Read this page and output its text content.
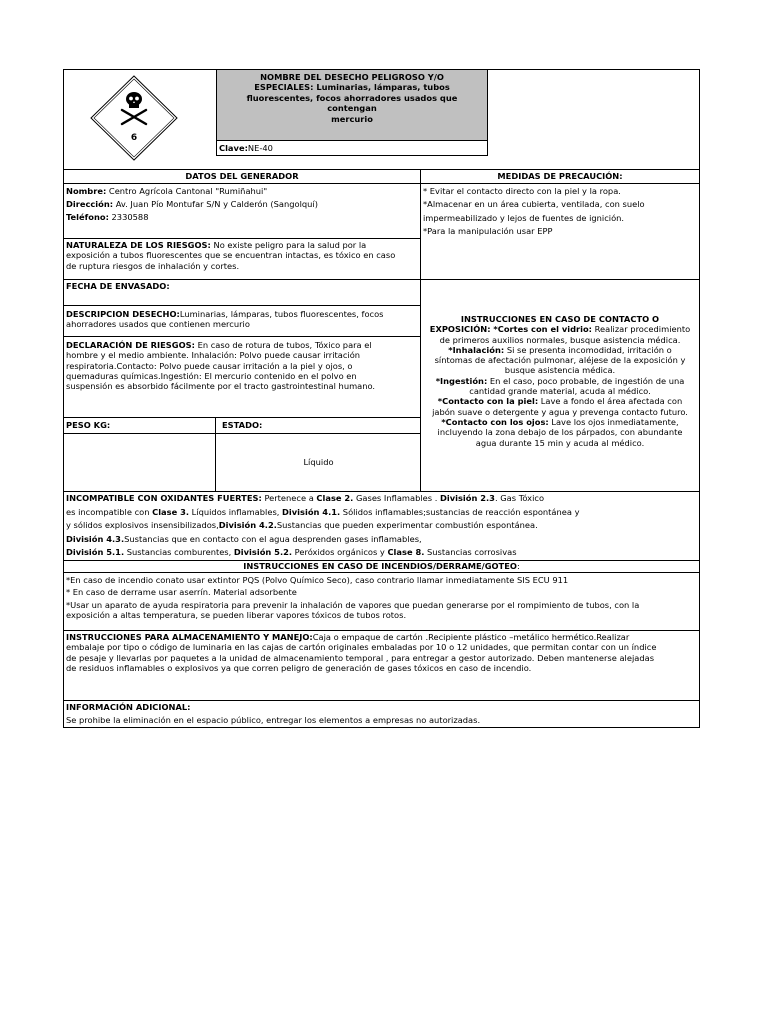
6
NOMBRE DEL DESECHO PELIGROSO Y/O
ESPECIALES: Luminarias, lámparas, tubos
fluorescentes, focos ahorradores usados que
contengan
mercurio
Clave:NE-40
DATOS DEL GENERADOR	MEDIDAS DE PRECAUCIÓN:
Nombre: Centro Agrícola Cantonal "Rumiñahui"
Dirección: Av. Juan Pío Montufar S/N y Calderón (Sangolquí)
Teléfono: 2330588
* Evitar el contacto directo con la piel y la ropa.
*Almacenar en un área cubierta, ventilada, con suelo
impermeabilizado y lejos de fuentes de ignición.
*Para la manipulación usar EPP
NATURALEZA DE LOS RIESGOS: No existe peligro para la salud por la
exposición a tubos fluorescentes que se encuentran intactas, es tóxico en caso
de ruptura riesgos de inhalación y cortes.
FECHA DE ENVASADO:
DESCRIPCION DESECHO:Luminarias, lámparas, tubos fluorescentes, focos
ahorradores usados que contienen mercurio
DECLARACIÓN DE RIESGOS: En caso de rotura de tubos, Tóxico para el
hombre y el medio ambiente. Inhalación: Polvo puede causar irritación
respiratoria.Contacto: Polvo puede causar irritación a la piel y ojos, o
quemaduras químicas.Ingestión: El mercurio contenido en el polvo en
suspensión es absorbido fácilmente por el tracto gastrointestinal humano.
INSTRUCCIONES EN CASO DE CONTACTO O
EXPOSICIÓN: *Cortes con el vidrio: Realizar procedimiento
de primeros auxilios normales, busque asistencia médica.
*Inhalación: Si se presenta incomodidad, irritación o
síntomas de afectación pulmonar, aléjese de la exposición y
busque asistencia médica.
*Ingestión: En el caso, poco probable, de ingestión de una
cantidad grande material, acuda al médico.
*Contacto con la piel: Lave a fondo el área afectada con
jabón suave o detergente y agua y prevenga contacto futuro.
*Contacto con los ojos: Lave los ojos inmediatamente,
incluyendo la zona debajo de los párpados, con abundante
agua durante 15 min y acuda al médico.
PESO KG:	ESTADO:
Líquido
INCOMPATIBLE CON OXIDANTES FUERTES: Pertenece a Clase 2. Gases Inflamables . División 2.3. Gas Tóxico
es incompatible con Clase 3. Líquidos inflamables, División 4.1. Sólidos inflamables;sustancias de reacción espontánea y
y sólidos explosivos insensibilizados,División 4.2.Sustancias que pueden experimentar combustión espontánea.
División 4.3.Sustancias que en contacto con el agua desprenden gases inflamables,
División 5.1. Sustancias comburentes, División 5.2. Peróxidos orgánicos y Clase 8. Sustancias corrosivas
INSTRUCCIONES EN CASO DE INCENDIOS/DERRAME/GOTEO:
*En caso de incendio conato usar extintor PQS (Polvo Químico Seco), caso contrario llamar inmediatamente SIS ECU 911
* En caso de derrame usar aserrín. Material adsorbente
*Usar un aparato de ayuda respiratoria para prevenir la inhalación de vapores que puedan generarse por el rompimiento de tubos, con la
exposición a altas temperatura, se pueden liberar vapores tóxicos de tubos rotos.
INSTRUCCIONES PARA ALMACENAMIENTO Y MANEJO:Caja o empaque de cartón .Recipiente plástico –metálico hermético.Realizar
embalaje por tipo o código de luminaria en las cajas de cartón originales embaladas por 10 o 12 unidades, que permitan contar con un índice
de pesaje y llevarlas por paquetes a la unidad de almacenamiento temporal , para entregar a gestor autorizado. Deben mantenerse alejadas
de residuos inflamables o explosivos ya que corren peligro de generación de gases tóxicos en caso de incendio.
INFORMACIÓN ADICIONAL:
Se prohibe la eliminación en el espacio público, entregar los elementos a empresas no autorizadas.
